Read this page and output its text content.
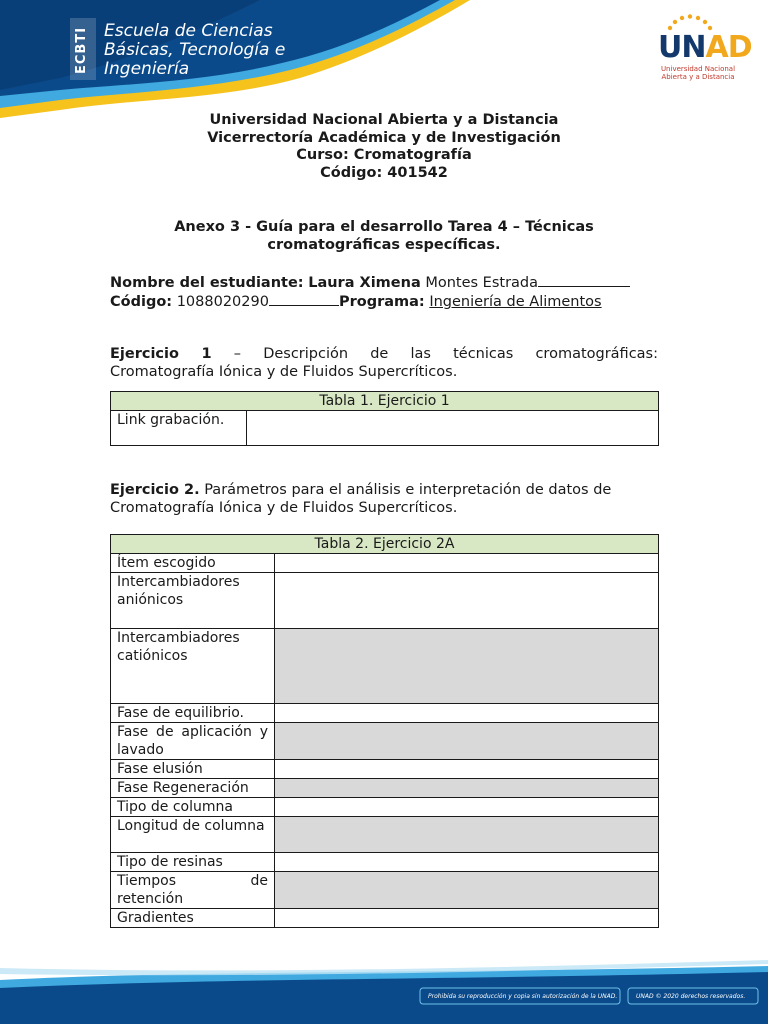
ECBTI Escuela de Ciencias
Básicas, Tecnología e
Ingeniería
UNAD
Universidad Nacional
Abierta y a Distancia
Universidad Nacional Abierta y a Distancia
Vicerrectoría Académica y de Investigación
Curso: Cromatografía
Código: 401542
Anexo 3 - Guía para el desarrollo Tarea 4 – Técnicas
cromatográficas específicas.
Nombre del estudiante: Laura Ximena Montes Estrada
Código: 1088020290	Programa: Ingeniería de Alimentos
Ejercicio 1 – Descripción de las técnicas cromatográficas:
Cromatografía Iónica y de Fluidos Supercríticos.
Tabla 1. Ejercicio 1
Link grabación.	
Ejercicio 2. Parámetros para el análisis e interpretación de datos de
Cromatografía Iónica y de Fluidos Supercríticos.
Tabla 2. Ejercicio 2A	
Ítem escogido	
Intercambiadores aniónicos	
Intercambiadores catiónicos	
Fase de equilibrio.	
Fase de aplicación y lavado	
Fase elusión	
Fase Regeneración	
Tipo de columna	
Longitud de columna	
Tipo de resinas	
Tiempos de retención	
Gradientes	
Prohibida su reproducción y copia sin autorización de la UNAD.	UNAD © 2020 derechos reservados.
